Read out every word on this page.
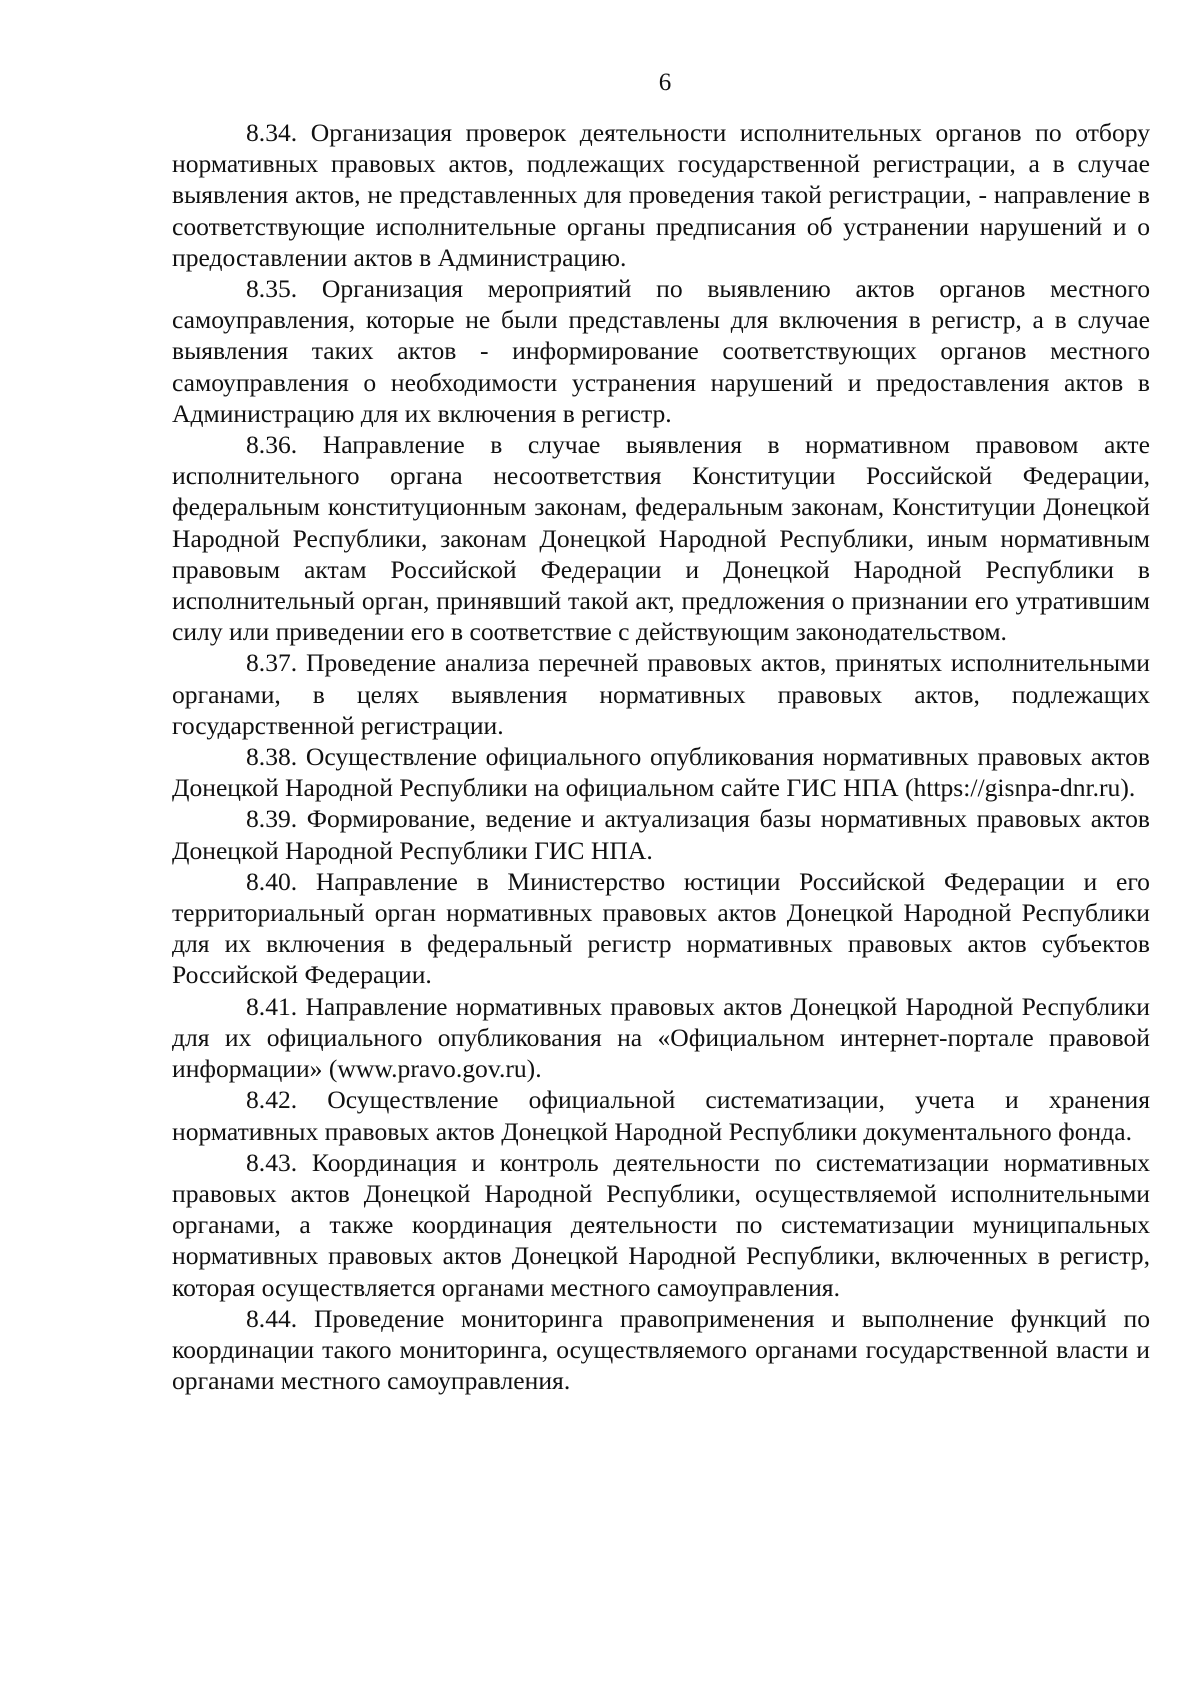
6

8.34. Организация проверок деятельности исполнительных органов по отбору нормативных правовых актов, подлежащих государственной регистрации, а в случае выявления актов, не представленных для проведения такой регистрации, - направление в соответствующие исполнительные органы предписания об устранении нарушений и о предоставлении актов в Администрацию.

8.35. Организация мероприятий по выявлению актов органов местного самоуправления, которые не были представлены для включения в регистр, а в случае выявления таких актов - информирование соответствующих органов местного самоуправления о необходимости устранения нарушений и предоставления актов в Администрацию для их включения в регистр.

8.36. Направление в случае выявления в нормативном правовом акте исполнительного органа несоответствия Конституции Российской Федерации, федеральным конституционным законам, федеральным законам, Конституции Донецкой Народной Республики, законам Донецкой Народной Республики, иным нормативным правовым актам Российской Федерации и Донецкой Народной Республики в исполнительный орган, принявший такой акт, предложения о признании его утратившим силу или приведении его в соответствие с действующим законодательством.

8.37. Проведение анализа перечней правовых актов, принятых исполнительными органами, в целях выявления нормативных правовых актов, подлежащих государственной регистрации.

8.38. Осуществление официального опубликования нормативных правовых актов Донецкой Народной Республики на официальном сайте ГИС НПА (https://gisnpa-dnr.ru).

8.39. Формирование, ведение и актуализация базы нормативных правовых актов Донецкой Народной Республики ГИС НПА.

8.40. Направление в Министерство юстиции Российской Федерации и его территориальный орган нормативных правовых актов Донецкой Народной Республики для их включения в федеральный регистр нормативных правовых актов субъектов Российской Федерации.

8.41. Направление нормативных правовых актов Донецкой Народной Республики для их официального опубликования на «Официальном интернет-портале правовой информации» (www.pravo.gov.ru).

8.42. Осуществление официальной систематизации, учета и хранения нормативных правовых актов Донецкой Народной Республики документального фонда.

8.43. Координация и контроль деятельности по систематизации нормативных правовых актов Донецкой Народной Республики, осуществляемой исполнительными органами, а также координация деятельности по систематизации муниципальных нормативных правовых актов Донецкой Народной Республики, включенных в регистр, которая осуществляется органами местного самоуправления.

8.44. Проведение мониторинга правоприменения и выполнение функций по координации такого мониторинга, осуществляемого органами государственной власти и органами местного самоуправления.
